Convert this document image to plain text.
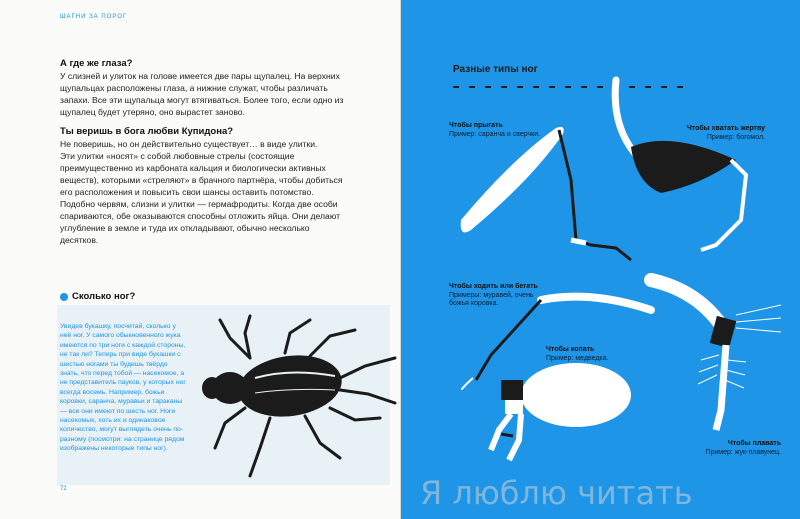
ШАГНИ ЗА ПОРОГ
А где же глаза?
У слизней и улиток на голове имеется две пары щупалец. На верхних щупальцах расположены глаза, а нижние служат, чтобы различать запахи. Все эти щупальца могут втягиваться. Более того, если одно из щупалец будет утеряно, оно вырастет заново.
Ты веришь в бога любви Купидона?

Не поверишь, но он действительно существует… в виде улитки.

Эти улитки «носят» с собой любовные стрелы (состоящие преимущественно из карбоната кальция и биологически активных веществ), которыми «стреляют» в брачного партнёра, чтобы добиться его расположения и повысить свои шансы оставить потомство.

Подобно червям, слизни и улитки — гермафродиты. Когда две особи спариваются, обе оказываются способны отложить яйца. Они делают углубление в земле и туда их откладывают, обычно несколько десятков.

Сколько ног?
Увидев букашку, посчитай, сколько у неё ног. У самого обыкновенного жука имеются по три ноги с каждой стороны, не так ли? Теперь при виде букашки с шестью ногами ты будешь твёрдо знать, что перед тобой — насекомое, а не представитель пауков, у которых ног всегда восемь. Например, божьи коровки, саранча, муравьи и тараканы — все они имеют по шесть ног. Ноги насекомых, хоть их и одинаковое количество, могут выглядеть очень по-разному (посмотри: на странице рядом изображены некоторые типы ног).
72
Разные типы ног
Чтобы прыгать
Пример: саранча и сверчки.
Чтобы хватать жертву
Пример: богомол.
Чтобы ходить или бегать
Примеры: муравей, очень божья коровка.
Чтобы копать
Пример: медведка.
Чтобы плавать
Пример: жук-плавунец.
Я люблю читать
